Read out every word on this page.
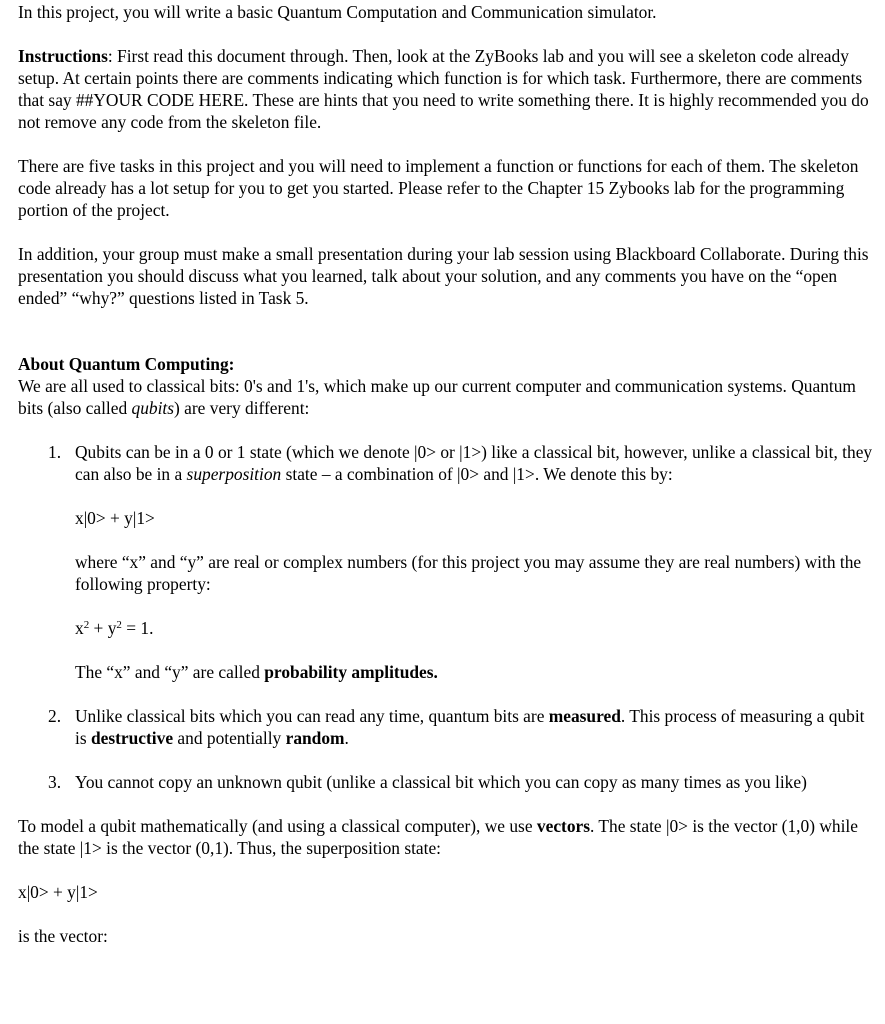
In this project, you will write a basic Quantum Computation and Communication simulator.

Instructions: First read this document through. Then, look at the ZyBooks lab and you will see a skeleton code already setup. At certain points there are comments indicating which function is for which task. Furthermore, there are comments that say ##YOUR CODE HERE. These are hints that you need to write something there. It is highly recommended you do not remove any code from the skeleton file.

There are five tasks in this project and you will need to implement a function or functions for each of them. The skeleton code already has a lot setup for you to get you started. Please refer to the Chapter 15 Zybooks lab for the programming portion of the project.

In addition, your group must make a small presentation during your lab session using Blackboard Collaborate. During this presentation you should discuss what you learned, talk about your solution, and any comments you have on the “open ended” “why?” questions listed in Task 5.

About Quantum Computing:

We are all used to classical bits: 0's and 1's, which make up our current computer and communication systems. Quantum bits (also called qubits) are very different:

1. Qubits can be in a 0 or 1 state (which we denote |0> or |1>) like a classical bit, however, unlike a classical bit, they can also be in a superposition state – a combination of |0> and |1>. We denote this by:

x|0> + y|1>

where “x” and “y” are real or complex numbers (for this project you may assume they are real numbers) with the following property:

$x^2 + y^2 = 1$.

The “x” and “y” are called probability amplitudes.

2. Unlike classical bits which you can read any time, quantum bits are measured. This process of measuring a qubit is destructive and potentially random.

3. You cannot copy an unknown qubit (unlike a classical bit which you can copy as many times as you like)

To model a qubit mathematically (and using a classical computer), we use vectors. The state |0> is the vector (1,0) while the state |1> is the vector (0,1). Thus, the superposition state:

x|0> + y|1>

is the vector:
